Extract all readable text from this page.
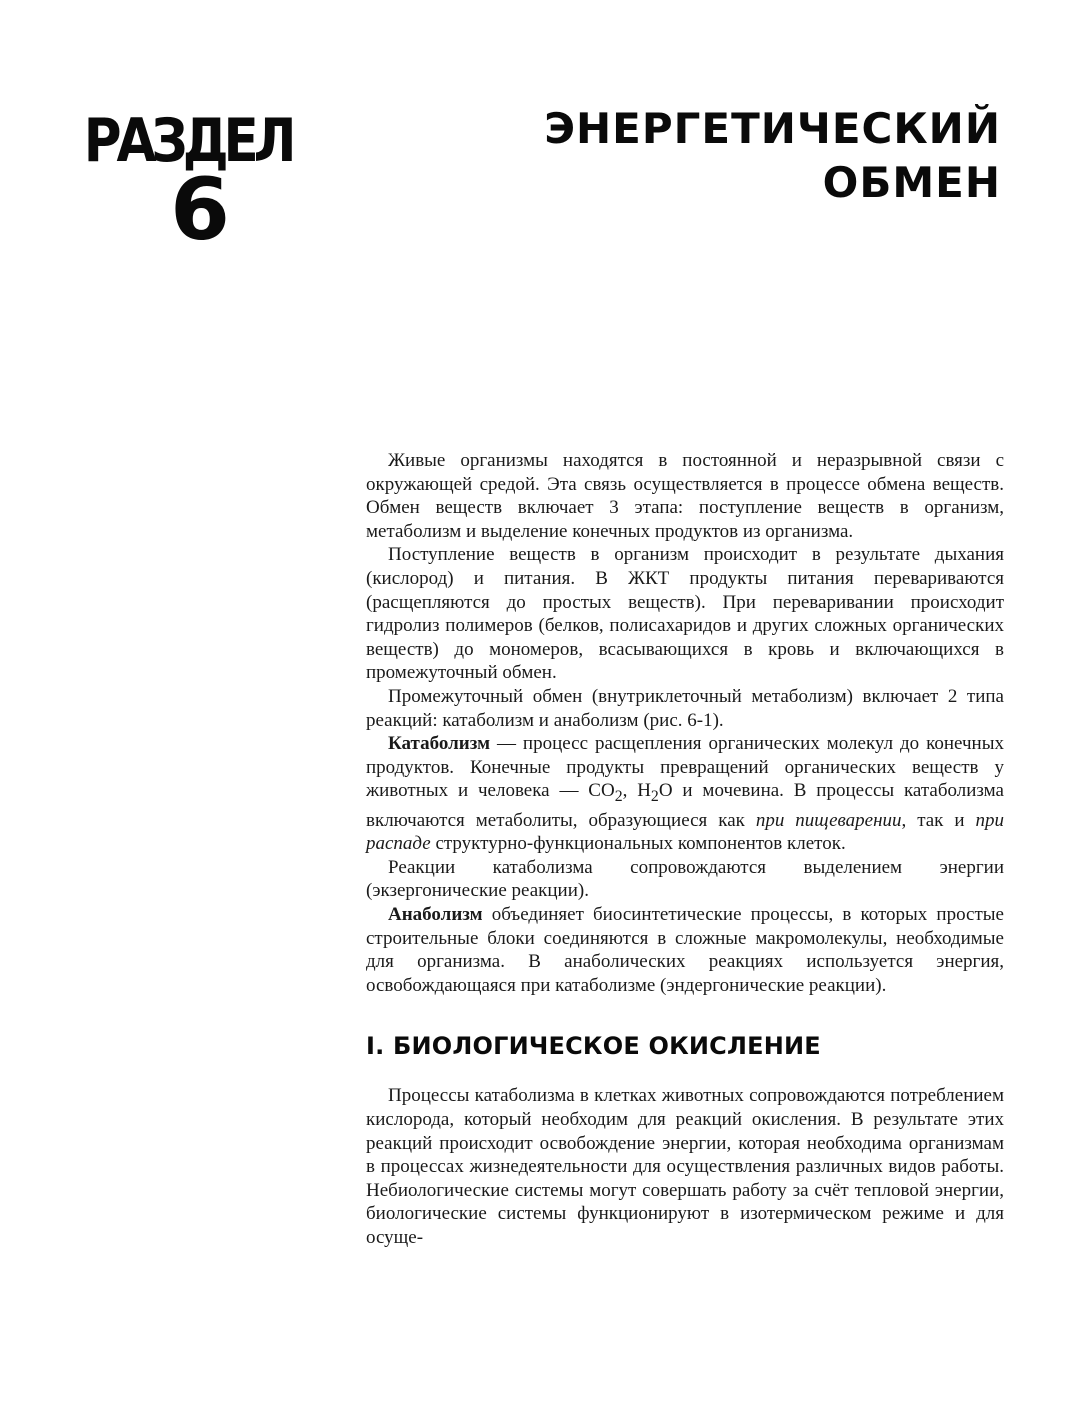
РАЗДЕЛ
6
ЭНЕРГЕТИЧЕСКИЙ
ОБМЕН

Живые организмы находятся в постоянной и неразрывной связи с окружающей средой. Эта связь осуществляется в процессе обмена веществ. Обмен веществ включает 3 этапа: поступление веществ в организм, метаболизм и выделение конечных продуктов из организма.

Поступление веществ в организм происходит в результате дыхания (кислород) и питания. В ЖКТ продукты питания перевариваются (расщепляются до простых веществ). При переваривании происходит гидролиз полимеров (белков, полисахаридов и других сложных органических веществ) до мономеров, всасывающихся в кровь и включающихся в промежуточный обмен.

Промежуточный обмен (внутриклеточный метаболизм) включает 2 типа реакций: катаболизм и анаболизм (рис. 6-1).

Катаболизм — процесс расщепления органических молекул до конечных продуктов. Конечные продукты превращений органических веществ у животных и человека — $CO_2$, $H_2O$ и мочевина. В процессы катаболизма включаются метаболиты, образующиеся как при пищеварении, так и при распаде структурно-функциональных компонентов клеток.

Реакции катаболизма сопровождаются выделением энергии (экзергонические реакции).

Анаболизм объединяет биосинтетические процессы, в которых простые строительные блоки соединяются в сложные макромолекулы, необходимые для организма. В анаболических реакциях используется энергия, освобождающаяся при катаболизме (эндергонические реакции).

I. БИОЛОГИЧЕСКОЕ ОКИСЛЕНИЕ

Процессы катаболизма в клетках животных сопровождаются потреблением кислорода, который необходим для реакций окисления. В результате этих реакций происходит освобождение энергии, которая необходима организмам в процессах жизнедеятельности для осуществления различных видов работы. Небиологические системы могут совершать работу за счёт тепловой энергии, биологические системы функционируют в изотермическом режиме и для осуще-
